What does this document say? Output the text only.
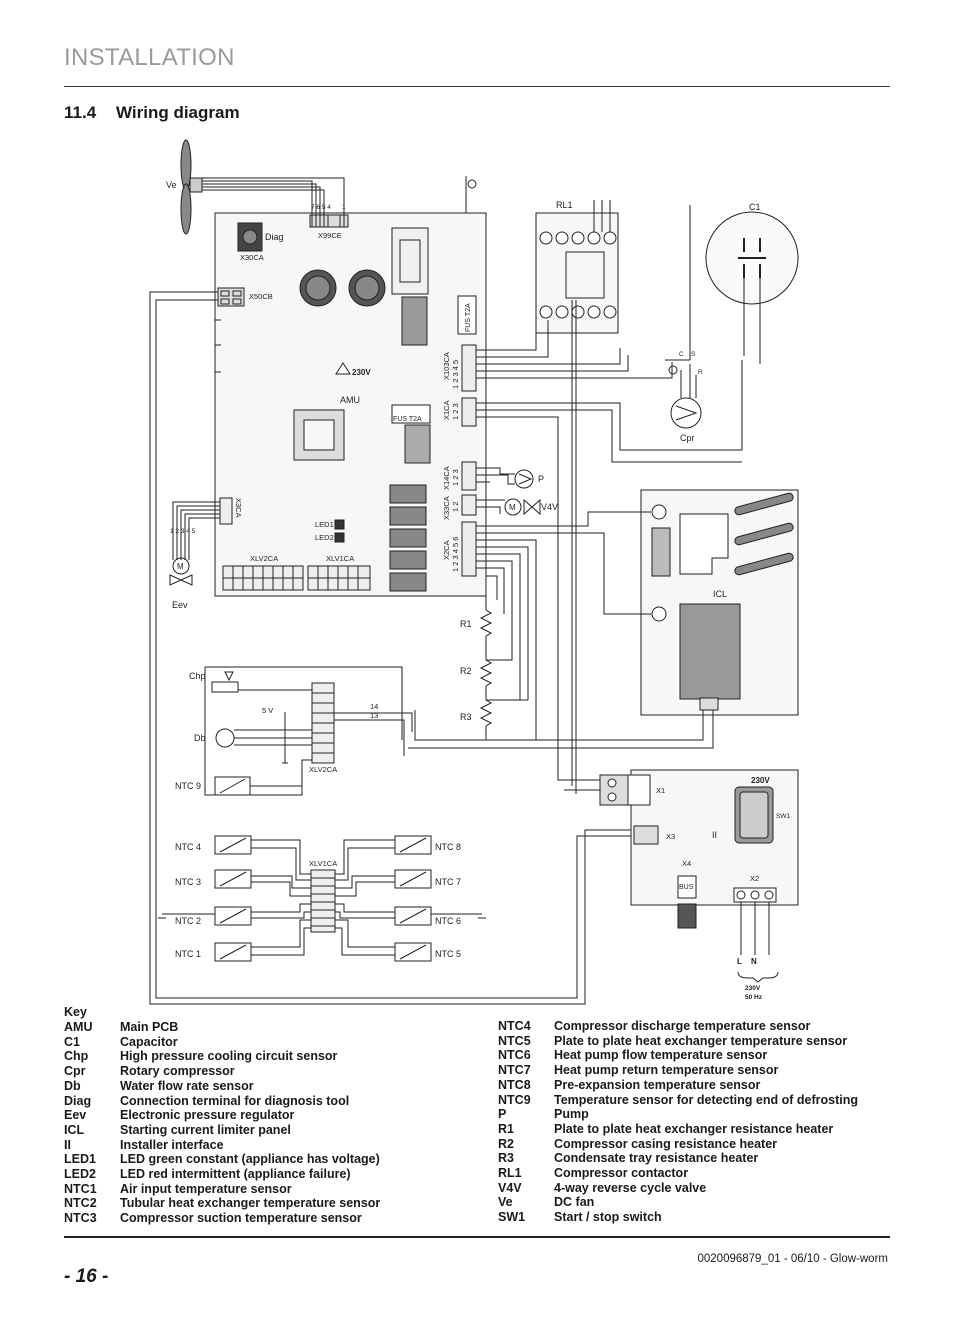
INSTALLATION
11.4 Wiring diagram
Ve
Diag
X30CA
X99CE
7 6 5 4 1
X50CB
FUS T2A
230V
AMU
FUS T2A
X103CA 1 2 3 4 5
X1CA 1 2 3
X14CA 1 2 3
X33CA 1 2
X2CA 1 2 3 4 5 6
X3CA
LED1
LED2
XLV2CA	XLV1CA
1 2 3 4 5
M
Eev
RL1	C1
C S
R
Cpr
P
M	V4V
ICL
R1
R2
R3
Chp
Db
5 V	14
13
XLV2CA
NTC 9
XLV1CA
NTC 4
NTC 3
NTC 2
NTC 1
NTC 8
NTC 7
NTC 6
NTC 5
X1
X3	II
230V
SW1
X4
BUS
X2
L N
230V
50 Hz
Key
AMU	Main PCB
C1	Capacitor
Chp	High pressure cooling circuit sensor
Cpr	Rotary compressor
Db	Water flow rate sensor
Diag	Connection terminal for diagnosis tool
Eev	Electronic pressure regulator
ICL	Starting current limiter panel
II	Installer interface
LED1	LED green constant (appliance has voltage)
LED2	LED red intermittent (appliance failure)
NTC1	Air input temperature sensor
NTC2	Tubular heat exchanger temperature sensor
NTC3	Compressor suction temperature sensor
NTC4	Compressor discharge temperature sensor
NTC5	Plate to plate heat exchanger temperature sensor
NTC6	Heat pump flow temperature sensor
NTC7	Heat pump return temperature sensor
NTC8	Pre-expansion temperature sensor
NTC9	Temperature sensor for detecting end of defrosting
P	Pump
R1	Plate to plate heat exchanger resistance heater
R2	Compressor casing resistance heater
R3	Condensate tray resistance heater
RL1	Compressor contactor
V4V	4-way reverse cycle valve
Ve	DC fan
SW1	Start / stop switch
- 16 -
0020096879_01 - 06/10 - Glow-worm
